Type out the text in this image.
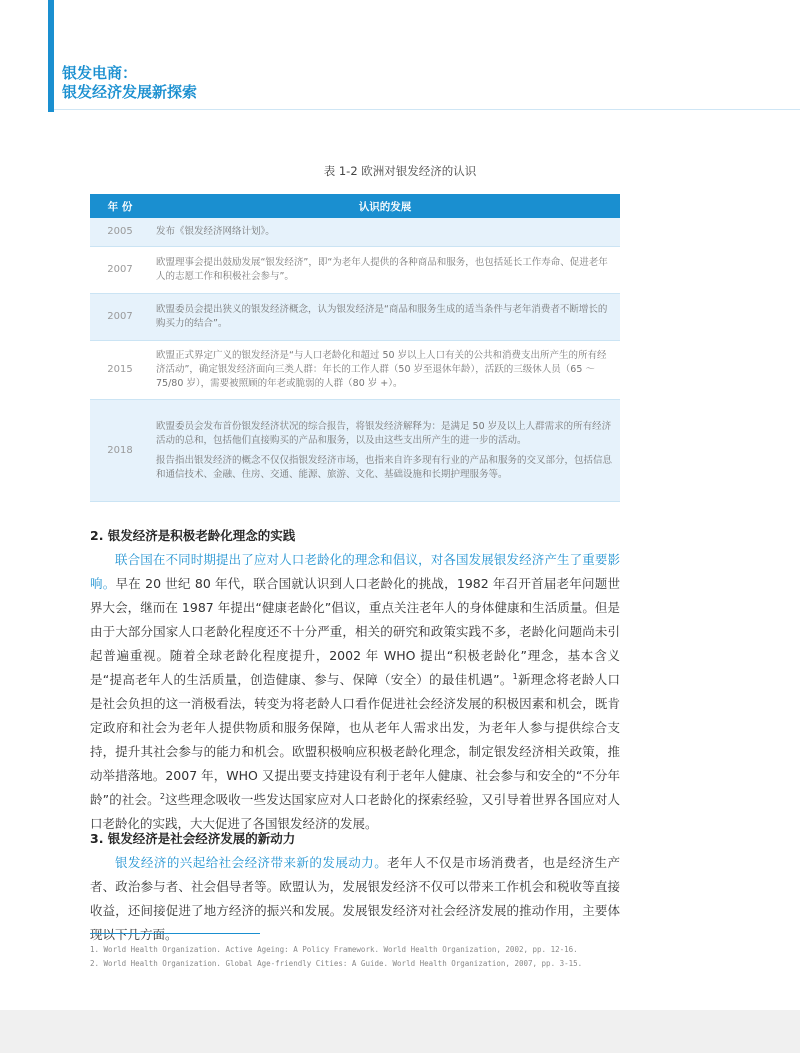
银发电商：
银发经济发展新探索
表 1-2 欧洲对银发经济的认识
年 份	认识的发展
2005	发布《银发经济网络计划》。
2007	欧盟理事会提出鼓励发展“银发经济”，即“为老年人提供的各种商品和服务，也包括延长工作寿命、促进老年人的志愿工作和积极社会参与”。
2007	欧盟委员会提出狭义的银发经济概念，认为银发经济是“商品和服务生成的适当条件与老年消费者不断增长的购买力的结合”。
2015	欧盟正式界定广义的银发经济是“与人口老龄化和超过 50 岁以上人口有关的公共和消费支出所产生的所有经济活动”，确定银发经济面向三类人群：年长的工作人群（50 岁至退休年龄），活跃的三级休人员（65 ～ 75/80 岁），需要被照顾的年老或脆弱的人群（80 岁 +）。
2018	欧盟委员会发布首份银发经济状况的综合报告，将银发经济解释为：是满足 50 岁及以上人群需求的所有经济活动的总和，包括他们直接购买的产品和服务，以及由这些支出所产生的进一步的活动。

报告指出银发经济的概念不仅仅指银发经济市场，也指来自许多现有行业的产品和服务的交叉部分，包括信息和通信技术、金融、住房、交通、能源、旅游、文化、基础设施和长期护理服务等。

2. 银发经济是积极老龄化理念的实践

联合国在不同时期提出了应对人口老龄化的理念和倡议，对各国发展银发经济产生了重要影响。早在 20 世纪 80 年代，联合国就认识到人口老龄化的挑战，1982 年召开首届老年问题世界大会，继而在 1987 年提出“健康老龄化”倡议，重点关注老年人的身体健康和生活质量。但是由于大部分国家人口老龄化程度还不十分严重，相关的研究和政策实践不多，老龄化问题尚未引起普遍重视。随着全球老龄化程度提升，2002 年 WHO 提出“积极老龄化”理念，基本含义是“提高老年人的生活质量，创造健康、参与、保障（安全）的最佳机遇”。$^1$新理念将老龄人口是社会负担的这一消极看法，转变为将老龄人口看作促进社会经济发展的积极因素和机会，既肯定政府和社会为老年人提供物质和服务保障，也从老年人需求出发，为老年人参与提供综合支持，提升其社会参与的能力和机会。欧盟积极响应积极老龄化理念，制定银发经济相关政策，推动举措落地。2007 年，WHO 又提出要支持建设有利于老年人健康、社会参与和安全的“不分年龄”的社会。$^2$这些理念吸收一些发达国家应对人口老龄化的探索经验，又引导着世界各国应对人口老龄化的实践，大大促进了各国银发经济的发展。

3. 银发经济是社会经济发展的新动力

银发经济的兴起给社会经济带来新的发展动力。老年人不仅是市场消费者，也是经济生产者、政治参与者、社会倡导者等。欧盟认为，发展银发经济不仅可以带来工作机会和税收等直接收益，还间接促进了地方经济的振兴和发展。发展银发经济对社会经济发展的推动作用，主要体现以下几方面。

1. World Health Organization. Active Ageing: A Policy Framework. World Health Organization, 2002, pp. 12-16.
2. World Health Organization. Global Age-friendly Cities: A Guide. World Health Organization, 2007, pp. 3-15.
